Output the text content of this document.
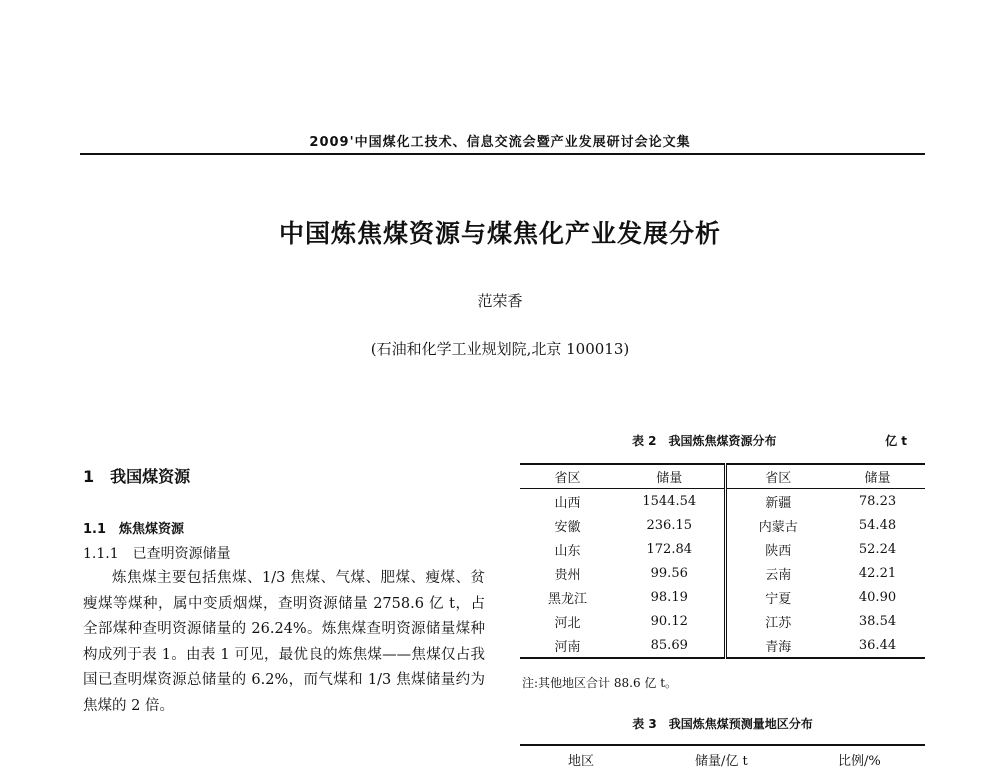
2009'中国煤化工技术、信息交流会暨产业发展研讨会论文集
中国炼焦煤资源与煤焦化产业发展分析
范荣香
(石油和化学工业规划院,北京 100013)
1　我国煤资源
1.1　炼焦煤资源
1.1.1　已查明资源储量

炼焦煤主要包括焦煤、1/3 焦煤、气煤、肥煤、瘦煤、贫瘦煤等煤种，属中变质烟煤，查明资源储量 2758.6 亿 t，占全部煤种查明资源储量的 26.24%。炼焦煤查明资源储量煤种构成列于表 1。由表 1 可见，最优良的炼焦煤——焦煤仅占我国已查明煤资源总储量的 6.2%，而气煤和 1/3 焦煤储量约为焦煤的 2 倍。

表 2　我国炼焦煤资源分布	亿 t
省区	储量	省区	储量
山西	1544.54	新疆	78.23
安徽	236.15	内蒙古	54.48
山东	172.84	陕西	52.24
贵州	99.56	云南	42.21
黑龙江	98.19	宁夏	40.90
河北	90.12	江苏	38.54
河南	85.69	青海	36.44
注:其他地区合计 88.6 亿 t。
表 3　我国炼焦煤预测量地区分布
地区	储量/亿 t	比例/%
